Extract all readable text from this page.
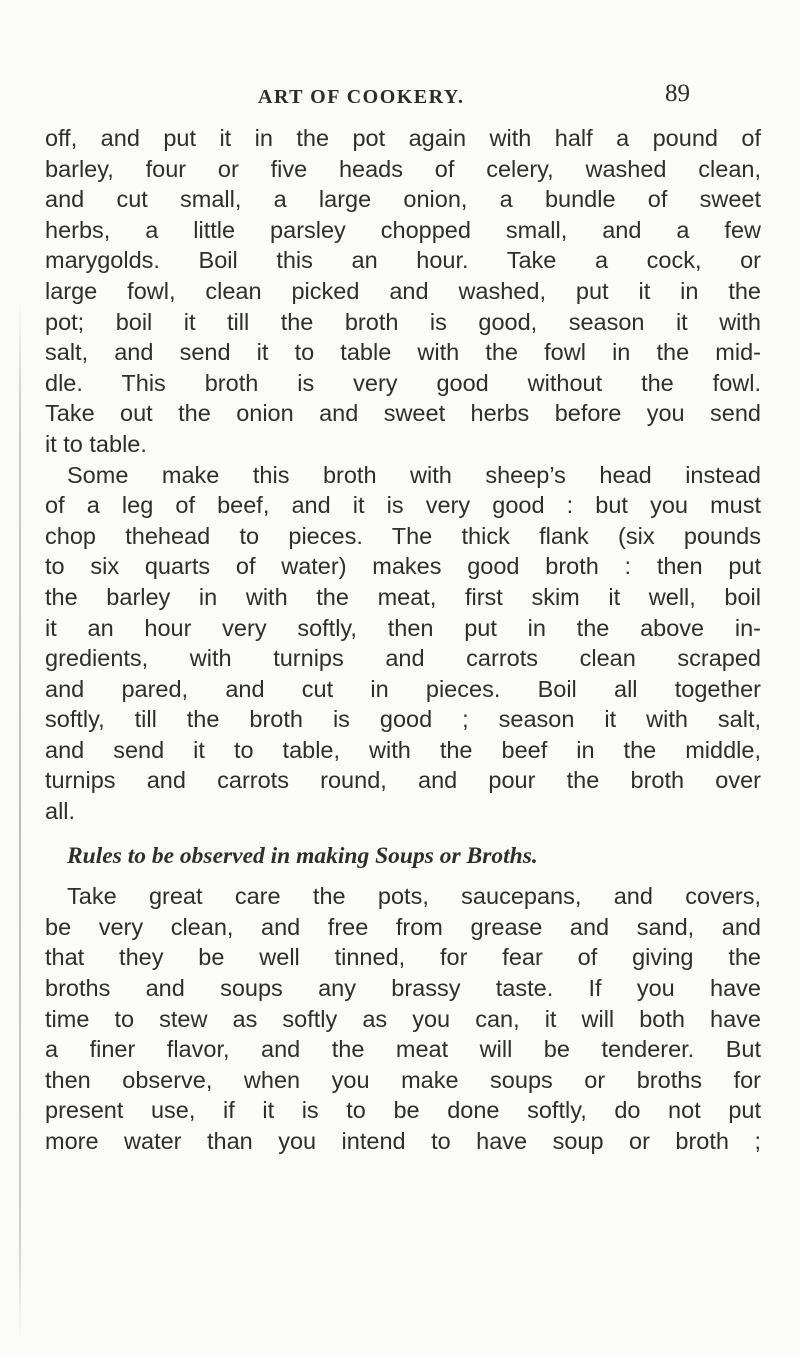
ART OF COOKERY.	89
off, and put it in the pot again with half a pound of
barley, four or five heads of celery, washed clean,
and cut small, a large onion, a bundle of sweet
herbs, a little parsley chopped small, and a few
marygolds. Boil this an hour. Take a cock, or
large fowl, clean picked and washed, put it in the
pot; boil it till the broth is good, season it with
salt, and send it to table with the fowl in the mid-
dle. This broth is very good without the fowl.
Take out the onion and sweet herbs before you send
it to table.
Some make this broth with sheep’s head instead
of a leg of beef, and it is very good : but you must
chop thehead to pieces. The thick flank (six pounds
to six quarts of water) makes good broth : then put
the barley in with the meat, first skim it well, boil
it an hour very softly, then put in the above in-
gredients, with turnips and carrots clean scraped
and pared, and cut in pieces. Boil all together
softly, till the broth is good ; season it with salt,
and send it to table, with the beef in the middle,
turnips and carrots round, and pour the broth over
all.
Rules to be observed in making Soups or Broths.
Take great care the pots, saucepans, and covers,
be very clean, and free from grease and sand, and
that they be well tinned, for fear of giving the
broths and soups any brassy taste. If you have
time to stew as softly as you can, it will both have
a finer flavor, and the meat will be tenderer. But
then observe, when you make soups or broths for
present use, if it is to be done softly, do not put
more water than you intend to have soup or broth ;
